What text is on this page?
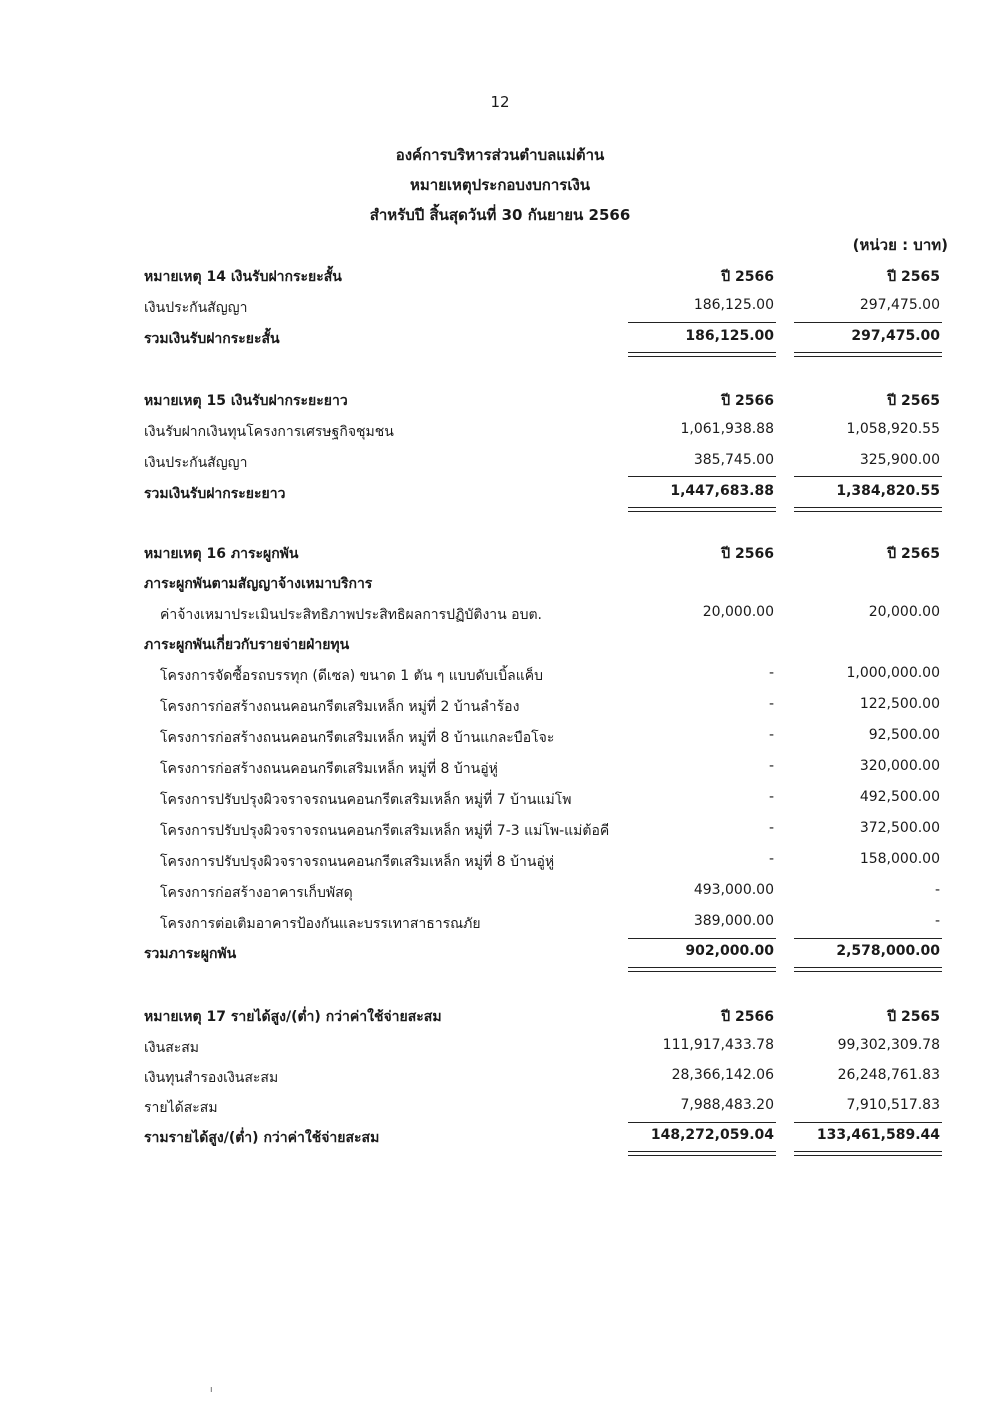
12
องค์การบริหารส่วนตำบลแม่ต้าน
หมายเหตุประกอบงบการเงิน
สำหรับปี สิ้นสุดวันที่ 30 กันยายน 2566
(หน่วย : บาท)
หมายเหตุ 14 เงินรับฝากระยะสั้น	ปี 2566	ปี 2565
เงินประกันสัญญา	186,125.00	297,475.00
รวมเงินรับฝากระยะสั้น	186,125.00	297,475.00
หมายเหตุ 15 เงินรับฝากระยะยาว	ปี 2566	ปี 2565
เงินรับฝากเงินทุนโครงการเศรษฐกิจชุมชน	1,061,938.88	1,058,920.55
เงินประกันสัญญา	385,745.00	325,900.00
รวมเงินรับฝากระยะยาว	1,447,683.88	1,384,820.55
หมายเหตุ 16 ภาระผูกพัน	ปี 2566	ปี 2565
ภาระผูกพันตามสัญญาจ้างเหมาบริการ
ค่าจ้างเหมาประเมินประสิทธิภาพประสิทธิผลการปฏิบัติงาน อบต.	20,000.00	20,000.00
ภาระผูกพันเกี่ยวกับรายจ่ายฝ่ายทุน
โครงการจัดซื้อรถบรรทุก (ดีเซล) ขนาด 1 ตัน ๆ แบบดับเบิ้ลแค็บ	-	1,000,000.00
โครงการก่อสร้างถนนคอนกรีตเสริมเหล็ก หมู่ที่ 2 บ้านลำร้อง	-	122,500.00
โครงการก่อสร้างถนนคอนกรีตเสริมเหล็ก หมู่ที่ 8 บ้านแกละบือโจะ	-	92,500.00
โครงการก่อสร้างถนนคอนกรีตเสริมเหล็ก หมู่ที่ 8 บ้านอู่หู่	-	320,000.00
โครงการปรับปรุงผิวจราจรถนนคอนกรีตเสริมเหล็ก หมู่ที่ 7 บ้านแม่โพ	-	492,500.00
โครงการปรับปรุงผิวจราจรถนนคอนกรีตเสริมเหล็ก หมู่ที่ 7-3 แม่โพ-แม่ต้อคี	-	372,500.00
โครงการปรับปรุงผิวจราจรถนนคอนกรีตเสริมเหล็ก หมู่ที่ 8 บ้านอู่หู่	-	158,000.00
โครงการก่อสร้างอาคารเก็บพัสดุ	493,000.00	-
โครงการต่อเติมอาคารป้องกันและบรรเทาสาธารณภัย	389,000.00	-
รวมภาระผูกพัน	902,000.00	2,578,000.00
หมายเหตุ 17 รายได้สูง/(ต่ำ) กว่าค่าใช้จ่ายสะสม	ปี 2566	ปี 2565
เงินสะสม	111,917,433.78	99,302,309.78
เงินทุนสำรองเงินสะสม	28,366,142.06	26,248,761.83
รายได้สะสม	7,988,483.20	7,910,517.83
รามรายได้สูง/(ต่ำ) กว่าค่าใช้จ่ายสะสม	148,272,059.04	133,461,589.44
ı
